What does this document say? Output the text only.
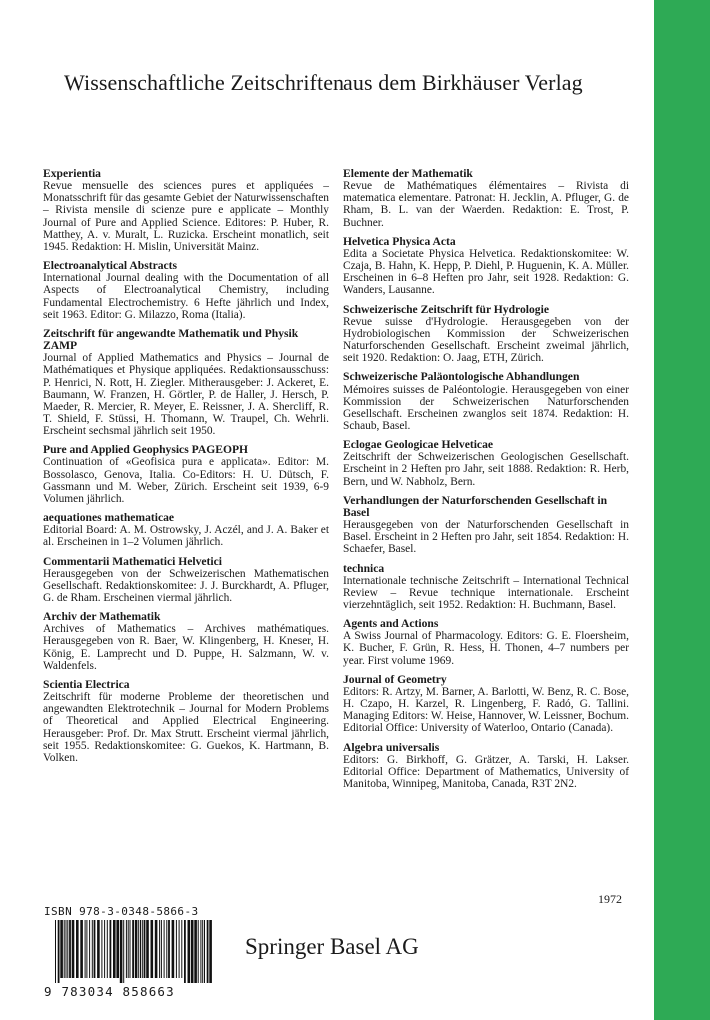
Wissenschaftliche Zeitschriften
aus dem Birkhäuser Verlag
Experientia
Revue mensuelle des sciences pures et appliquées – Monatsschrift für das gesamte Gebiet der Naturwissenschaften – Rivista mensile di scienze pure e applicate – Monthly Journal of Pure and Applied Science. Editores: P. Huber, R. Matthey, A. v. Muralt, L. Ruzicka. Erscheint monatlich, seit 1945. Redaktion: H. Mislin, Universität Mainz.
Electroanalytical Abstracts
International Journal dealing with the Documentation of all Aspects of Electroanalytical Chemistry, including Fundamental Electrochemistry. 6 Hefte jährlich und Index, seit 1963. Editor: G. Milazzo, Roma (Italia).
Zeitschrift für angewandte Mathematik und Physik ZAMP
Journal of Applied Mathematics and Physics – Journal de Mathématiques et Physique appliquées. Redaktionsausschuss: P. Henrici, N. Rott, H. Ziegler. Mitherausgeber: J. Ackeret, E. Baumann, W. Franzen, H. Görtler, P. de Haller, J. Hersch, P. Maeder, R. Mercier, R. Meyer, E. Reissner, J. A. Shercliff, R. T. Shield, F. Stüssi, H. Thomann, W. Traupel, Ch. Wehrli. Erscheint sechsmal jährlich seit 1950.
Pure and Applied Geophysics PAGEOPH
Continuation of «Geofisica pura e applicata». Editor: M. Bossolasco, Genova, Italia. Co-Editors: H. U. Dütsch, F. Gassmann und M. Weber, Zürich. Erscheint seit 1939, 6-9 Volumen jährlich.
aequationes mathematicae
Editorial Board: A. M. Ostrowsky, J. Aczél, and J. A. Baker et al. Erscheinen in 1–2 Volumen jährlich.
Commentarii Mathematici Helvetici
Herausgegeben von der Schweizerischen Mathematischen Gesellschaft. Redaktionskomitee: J. J. Burckhardt, A. Pfluger, G. de Rham. Erscheinen viermal jährlich.
Archiv der Mathematik
Archives of Mathematics – Archives mathématiques. Herausgegeben von R. Baer, W. Klingenberg, H. Kneser, H. König, E. Lamprecht und D. Puppe, H. Salzmann, W. v. Waldenfels.
Scientia Electrica
Zeitschrift für moderne Probleme der theoretischen und angewandten Elektrotechnik – Journal for Modern Problems of Theoretical and Applied Electrical Engineering. Herausgeber: Prof. Dr. Max Strutt. Erscheint viermal jährlich, seit 1955. Redaktionskomitee: G. Guekos, K. Hartmann, B. Volken.
Elemente der Mathematik
Revue de Mathématiques élémentaires – Rivista di matematica elementare. Patronat: H. Jecklin, A. Pfluger, G. de Rham, B. L. van der Waerden. Redaktion: E. Trost, P. Buchner.
Helvetica Physica Acta
Edita a Societate Physica Helvetica. Redaktionskomitee: W. Czaja, B. Hahn, K. Hepp, P. Diehl, P. Huguenin, K. A. Müller. Erscheinen in 6–8 Heften pro Jahr, seit 1928. Redaktion: G. Wanders, Lausanne.
Schweizerische Zeitschrift für Hydrologie
Revue suisse d'Hydrologie. Herausgegeben von der Hydrobiologischen Kommission der Schweizerischen Naturforschenden Gesellschaft. Erscheint zweimal jährlich, seit 1920. Redaktion: O. Jaag, ETH, Zürich.
Schweizerische Paläontologische Abhandlungen
Mémoires suisses de Paléontologie. Herausgegeben von einer Kommission der Schweizerischen Naturforschenden Gesellschaft. Erscheinen zwanglos seit 1874. Redaktion: H. Schaub, Basel.
Eclogae Geologicae Helveticae
Zeitschrift der Schweizerischen Geologischen Gesellschaft. Erscheint in 2 Heften pro Jahr, seit 1888. Redaktion: R. Herb, Bern, und W. Nabholz, Bern.
Verhandlungen der Naturforschenden Gesellschaft in Basel
Herausgegeben von der Naturforschenden Gesellschaft in Basel. Erscheint in 2 Heften pro Jahr, seit 1854. Redaktion: H. Schaefer, Basel.
technica
Internationale technische Zeitschrift – International Technical Review – Revue technique internationale. Erscheint vierzehntäglich, seit 1952. Redaktion: H. Buchmann, Basel.
Agents and Actions
A Swiss Journal of Pharmacology. Editors: G. E. Floersheim, K. Bucher, F. Grün, R. Hess, H. Thonen, 4–7 numbers per year. First volume 1969.
Journal of Geometry
Editors: R. Artzy, M. Barner, A. Barlotti, W. Benz, R. C. Bose, H. Czapo, H. Karzel, R. Lingenberg, F. Radó, G. Tallini. Managing Editors: W. Heise, Hannover, W. Leissner, Bochum. Editorial Office: University of Waterloo, Ontario (Canada).
Algebra universalis
Editors: G. Birkhoff, G. Grätzer, A. Tarski, H. Lakser. Editorial Office: Department of Mathematics, University of Manitoba, Winnipeg, Manitoba, Canada, R3T 2N2.
1972
ISBN 978-3-0348-5866-3
9 783034 858663
Springer Basel AG
